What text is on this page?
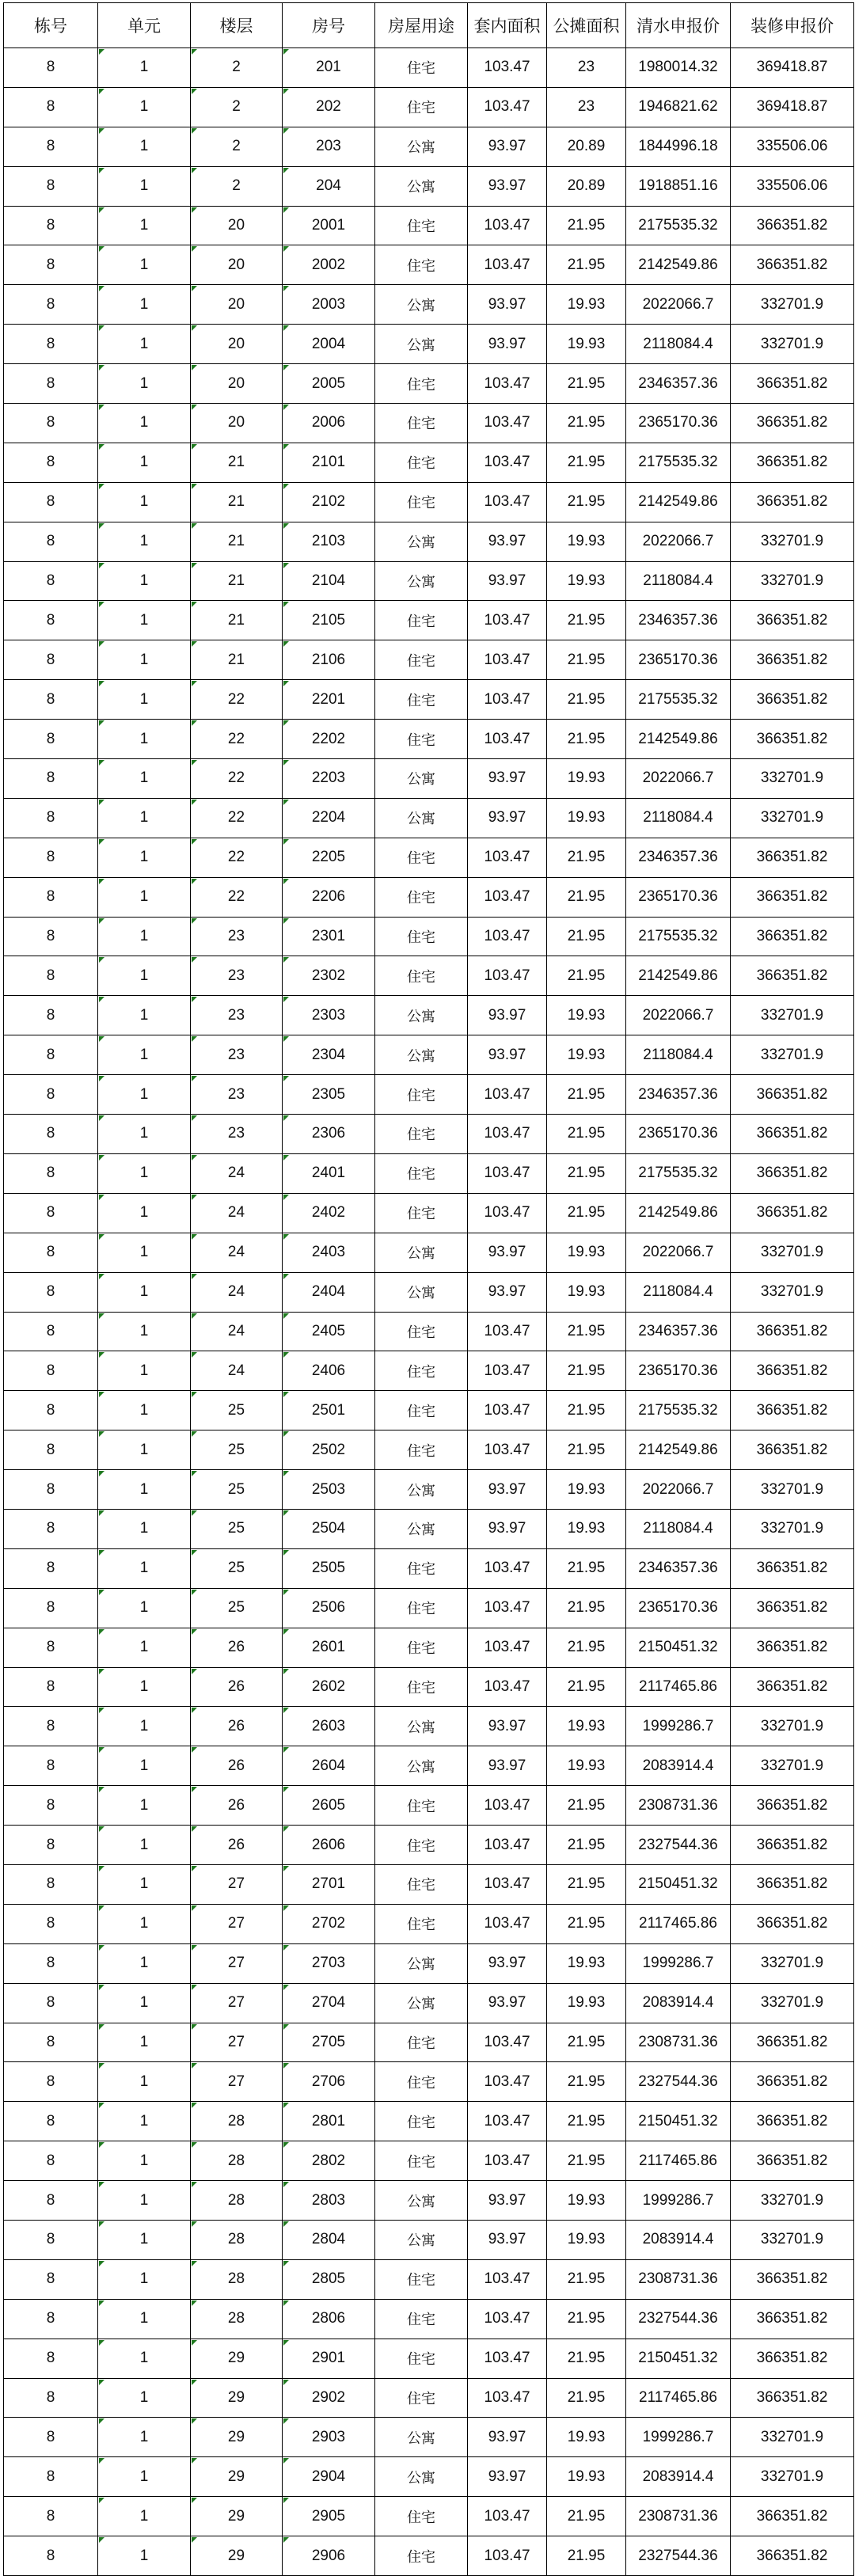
栋号	单元	楼层	房号	房屋用途	套内面积	公摊面积	清水申报价	装修申报价
8	1	2	201	住宅	103.47	23	1980014.32	369418.87
8	1	2	202	住宅	103.47	23	1946821.62	369418.87
8	1	2	203	公寓	93.97	20.89	1844996.18	335506.06
8	1	2	204	公寓	93.97	20.89	1918851.16	335506.06
8	1	20	2001	住宅	103.47	21.95	2175535.32	366351.82
8	1	20	2002	住宅	103.47	21.95	2142549.86	366351.82
8	1	20	2003	公寓	93.97	19.93	2022066.7	332701.9
8	1	20	2004	公寓	93.97	19.93	2118084.4	332701.9
8	1	20	2005	住宅	103.47	21.95	2346357.36	366351.82
8	1	20	2006	住宅	103.47	21.95	2365170.36	366351.82
8	1	21	2101	住宅	103.47	21.95	2175535.32	366351.82
8	1	21	2102	住宅	103.47	21.95	2142549.86	366351.82
8	1	21	2103	公寓	93.97	19.93	2022066.7	332701.9
8	1	21	2104	公寓	93.97	19.93	2118084.4	332701.9
8	1	21	2105	住宅	103.47	21.95	2346357.36	366351.82
8	1	21	2106	住宅	103.47	21.95	2365170.36	366351.82
8	1	22	2201	住宅	103.47	21.95	2175535.32	366351.82
8	1	22	2202	住宅	103.47	21.95	2142549.86	366351.82
8	1	22	2203	公寓	93.97	19.93	2022066.7	332701.9
8	1	22	2204	公寓	93.97	19.93	2118084.4	332701.9
8	1	22	2205	住宅	103.47	21.95	2346357.36	366351.82
8	1	22	2206	住宅	103.47	21.95	2365170.36	366351.82
8	1	23	2301	住宅	103.47	21.95	2175535.32	366351.82
8	1	23	2302	住宅	103.47	21.95	2142549.86	366351.82
8	1	23	2303	公寓	93.97	19.93	2022066.7	332701.9
8	1	23	2304	公寓	93.97	19.93	2118084.4	332701.9
8	1	23	2305	住宅	103.47	21.95	2346357.36	366351.82
8	1	23	2306	住宅	103.47	21.95	2365170.36	366351.82
8	1	24	2401	住宅	103.47	21.95	2175535.32	366351.82
8	1	24	2402	住宅	103.47	21.95	2142549.86	366351.82
8	1	24	2403	公寓	93.97	19.93	2022066.7	332701.9
8	1	24	2404	公寓	93.97	19.93	2118084.4	332701.9
8	1	24	2405	住宅	103.47	21.95	2346357.36	366351.82
8	1	24	2406	住宅	103.47	21.95	2365170.36	366351.82
8	1	25	2501	住宅	103.47	21.95	2175535.32	366351.82
8	1	25	2502	住宅	103.47	21.95	2142549.86	366351.82
8	1	25	2503	公寓	93.97	19.93	2022066.7	332701.9
8	1	25	2504	公寓	93.97	19.93	2118084.4	332701.9
8	1	25	2505	住宅	103.47	21.95	2346357.36	366351.82
8	1	25	2506	住宅	103.47	21.95	2365170.36	366351.82
8	1	26	2601	住宅	103.47	21.95	2150451.32	366351.82
8	1	26	2602	住宅	103.47	21.95	2117465.86	366351.82
8	1	26	2603	公寓	93.97	19.93	1999286.7	332701.9
8	1	26	2604	公寓	93.97	19.93	2083914.4	332701.9
8	1	26	2605	住宅	103.47	21.95	2308731.36	366351.82
8	1	26	2606	住宅	103.47	21.95	2327544.36	366351.82
8	1	27	2701	住宅	103.47	21.95	2150451.32	366351.82
8	1	27	2702	住宅	103.47	21.95	2117465.86	366351.82
8	1	27	2703	公寓	93.97	19.93	1999286.7	332701.9
8	1	27	2704	公寓	93.97	19.93	2083914.4	332701.9
8	1	27	2705	住宅	103.47	21.95	2308731.36	366351.82
8	1	27	2706	住宅	103.47	21.95	2327544.36	366351.82
8	1	28	2801	住宅	103.47	21.95	2150451.32	366351.82
8	1	28	2802	住宅	103.47	21.95	2117465.86	366351.82
8	1	28	2803	公寓	93.97	19.93	1999286.7	332701.9
8	1	28	2804	公寓	93.97	19.93	2083914.4	332701.9
8	1	28	2805	住宅	103.47	21.95	2308731.36	366351.82
8	1	28	2806	住宅	103.47	21.95	2327544.36	366351.82
8	1	29	2901	住宅	103.47	21.95	2150451.32	366351.82
8	1	29	2902	住宅	103.47	21.95	2117465.86	366351.82
8	1	29	2903	公寓	93.97	19.93	1999286.7	332701.9
8	1	29	2904	公寓	93.97	19.93	2083914.4	332701.9
8	1	29	2905	住宅	103.47	21.95	2308731.36	366351.82
8	1	29	2906	住宅	103.47	21.95	2327544.36	366351.82
